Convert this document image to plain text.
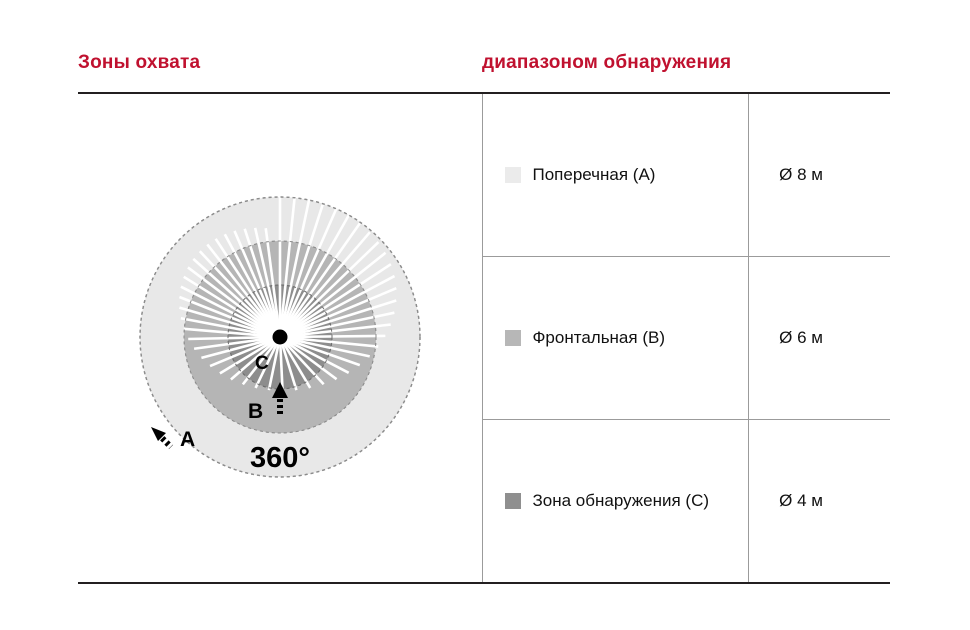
Зоны охвата	диапазоном обнаружения
C
B
A
360°
Поперечная (A)
Фронтальная (B)
Зона обнаружения (C)
Ø 8 м
Ø 6 м
Ø 4 м
